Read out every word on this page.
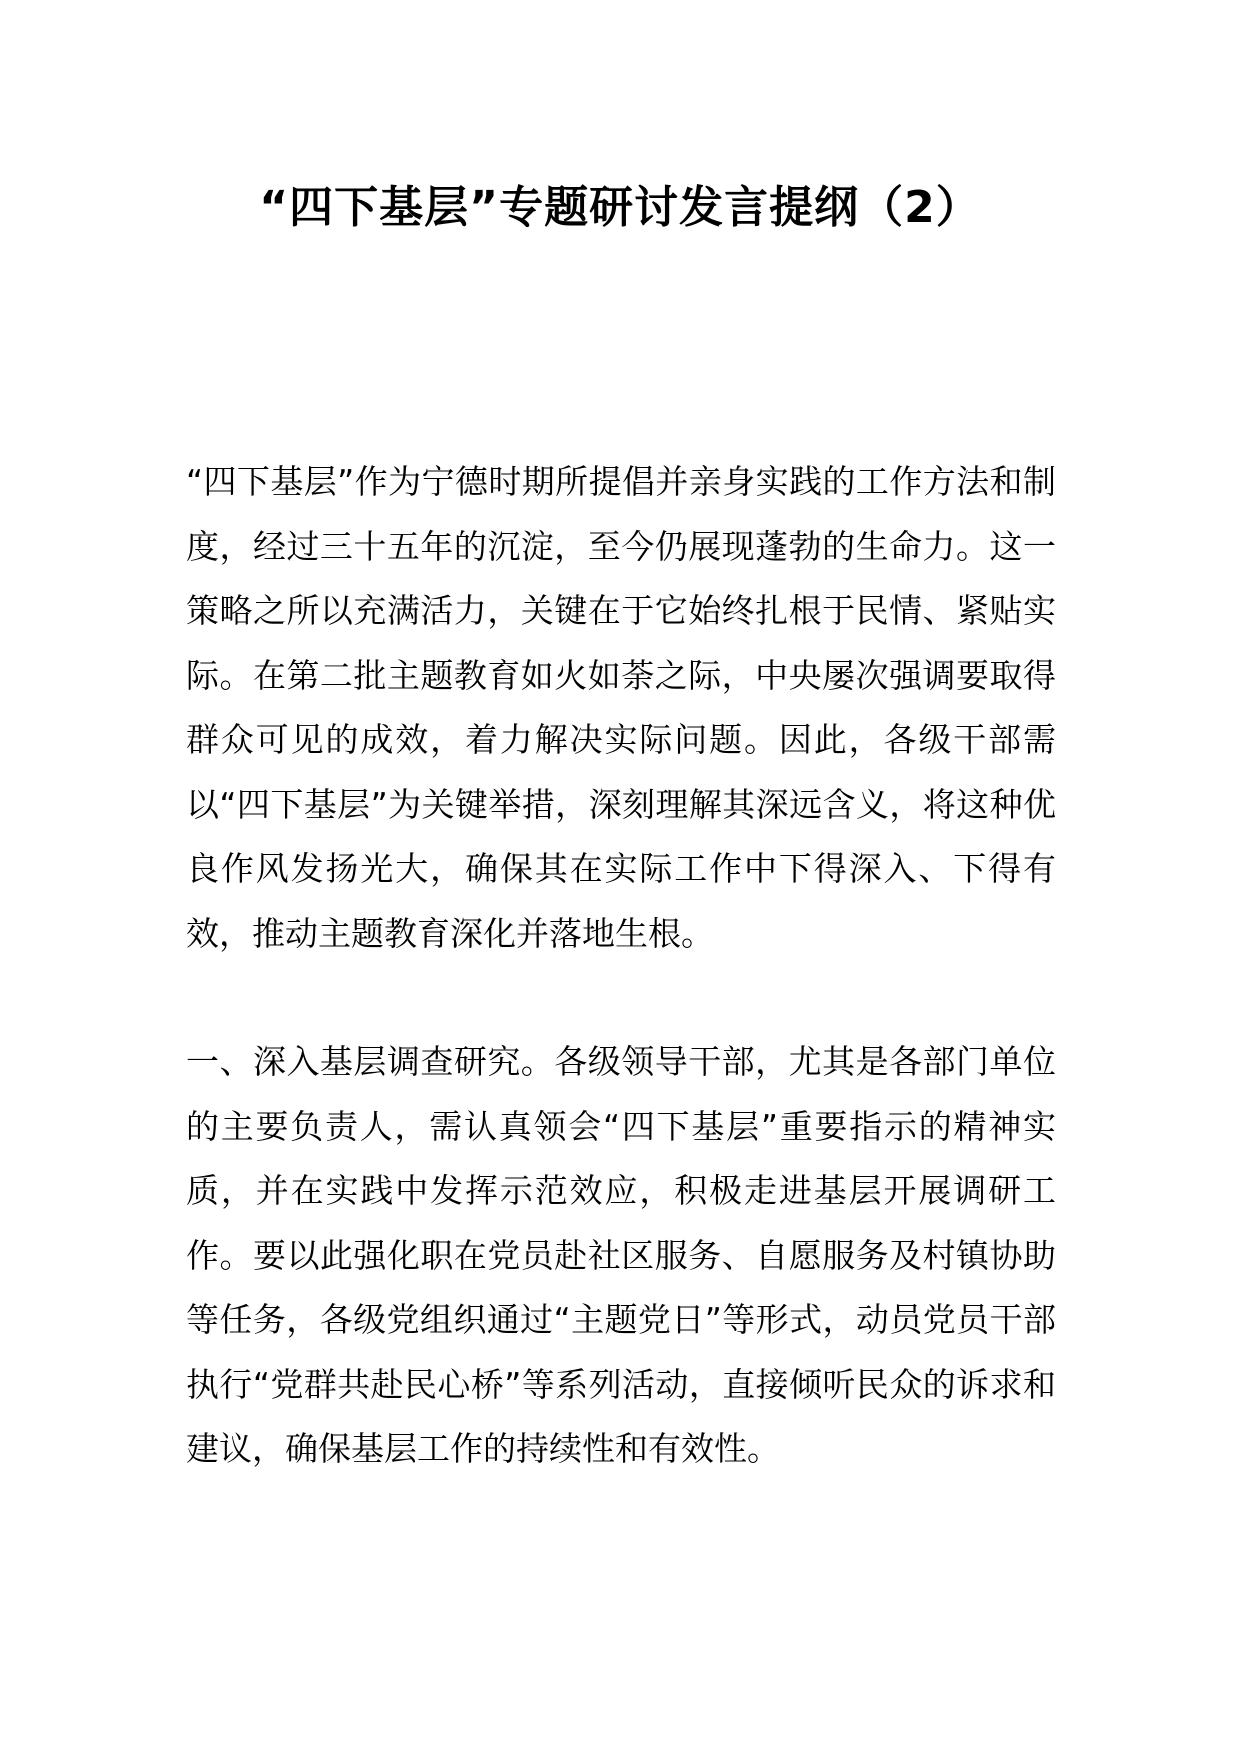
“四下基层”专题研讨发言提纲（2）

“四下基层”作为宁德时期所提倡并亲身实践的工作方法和制度，经过三十五年的沉淀，至今仍展现蓬勃的生命力。这一策略之所以充满活力，关键在于它始终扎根于民情、紧贴实际。在第二批主题教育如火如荼之际，中央屡次强调要取得群众可见的成效，着力解决实际问题。因此，各级干部需以“四下基层”为关键举措，深刻理解其深远含义，将这种优良作风发扬光大，确保其在实际工作中下得深入、下得有效，推动主题教育深化并落地生根。

一、深入基层调查研究。各级领导干部，尤其是各部门单位的主要负责人，需认真领会“四下基层”重要指示的精神实质，并在实践中发挥示范效应，积极走进基层开展调研工作。要以此强化职在党员赴社区服务、自愿服务及村镇协助等任务，各级党组织通过“主题党日”等形式，动员党员干部执行“党群共赴民心桥”等系列活动，直接倾听民众的诉求和建议，确保基层工作的持续性和有效性。
